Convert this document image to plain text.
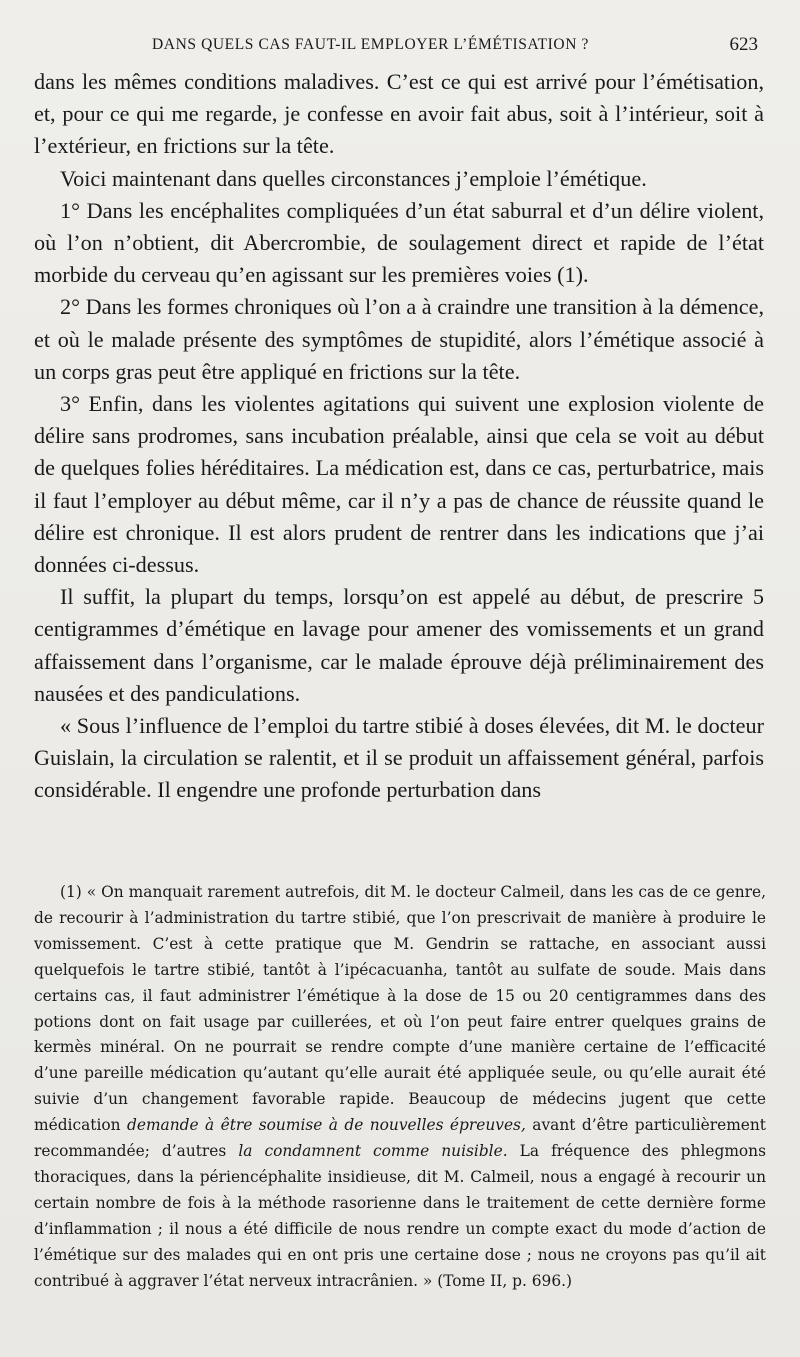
DANS QUELS CAS FAUT-IL EMPLOYER L’ÉMÉTISATION ?	623

dans les mêmes conditions maladives. C’est ce qui est arrivé pour l’émétisation, et, pour ce qui me regarde, je confesse en avoir fait abus, soit à l’intérieur, soit à l’extérieur, en frictions sur la tête.

Voici maintenant dans quelles circonstances j’emploie l’émétique.

1° Dans les encéphalites compliquées d’un état saburral et d’un délire violent, où l’on n’obtient, dit Abercrombie, de soulagement direct et rapide de l’état morbide du cerveau qu’en agissant sur les premières voies (1).

2° Dans les formes chroniques où l’on a à craindre une transition à la démence, et où le malade présente des symptômes de stupidité, alors l’émétique associé à un corps gras peut être appliqué en frictions sur la tête.

3° Enfin, dans les violentes agitations qui suivent une explosion violente de délire sans prodromes, sans incubation préalable, ainsi que cela se voit au début de quelques folies héréditaires. La médication est, dans ce cas, perturbatrice, mais il faut l’employer au début même, car il n’y a pas de chance de réussite quand le délire est chronique. Il est alors prudent de rentrer dans les indications que j’ai données ci-dessus.

Il suffit, la plupart du temps, lorsqu’on est appelé au début, de prescrire 5 centigrammes d’émétique en lavage pour amener des vomissements et un grand affaissement dans l’organisme, car le malade éprouve déjà préliminairement des nausées et des pandiculations.

« Sous l’influence de l’emploi du tartre stibié à doses élevées, dit M. le docteur Guislain, la circulation se ralentit, et il se produit un affaissement général, parfois considérable. Il engendre une profonde perturbation dans

(1) « On manquait rarement autrefois, dit M. le docteur Calmeil, dans les cas de ce genre, de recourir à l’administration du tartre stibié, que l’on prescrivait de manière à produire le vomissement. C’est à cette pratique que M. Gendrin se rattache, en associant aussi quelquefois le tartre stibié, tantôt à l’ipécacuanha, tantôt au sulfate de soude. Mais dans certains cas, il faut administrer l’émétique à la dose de 15 ou 20 centigrammes dans des potions dont on fait usage par cuillerées, et où l’on peut faire entrer quelques grains de kermès minéral. On ne pourrait se rendre compte d’une manière certaine de l’efficacité d’une pareille médication qu’autant qu’elle aurait été appliquée seule, ou qu’elle aurait été suivie d’un changement favorable rapide. Beaucoup de médecins jugent que cette médication demande à être soumise à de nouvelles épreuves, avant d’être particulièrement recommandée; d’autres la condamnent comme nuisible. La fréquence des phlegmons thoraciques, dans la périencéphalite insidieuse, dit M. Calmeil, nous a engagé à recourir un certain nombre de fois à la méthode rasorienne dans le traitement de cette dernière forme d’inflammation ; il nous a été difficile de nous rendre un compte exact du mode d’action de l’émétique sur des malades qui en ont pris une certaine dose ; nous ne croyons pas qu’il ait contribué à aggraver l’état nerveux intracrânien. » (Tome II, p. 696.)
